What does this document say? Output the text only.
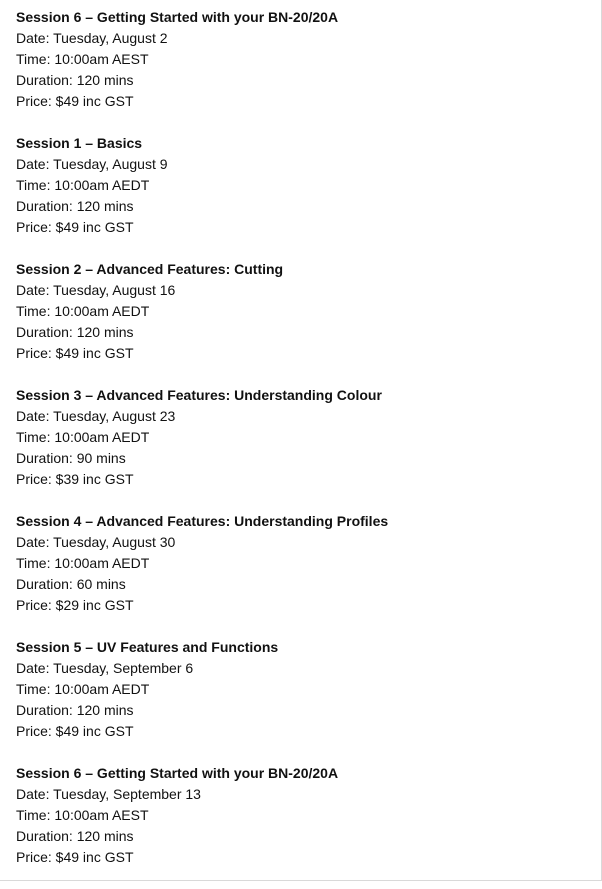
Session 6 – Getting Started with your BN-20/20A
Date: Tuesday, August 2
Time: 10:00am AEST
Duration: 120 mins
Price: $49 inc GST
Session 1 – Basics
Date: Tuesday, August 9
Time: 10:00am AEDT
Duration: 120 mins
Price: $49 inc GST
Session 2 – Advanced Features: Cutting
Date: Tuesday, August 16
Time: 10:00am AEDT
Duration: 120 mins
Price: $49 inc GST
Session 3 – Advanced Features: Understanding Colour
Date: Tuesday, August 23
Time: 10:00am AEDT
Duration: 90 mins
Price: $39 inc GST
Session 4 – Advanced Features: Understanding Profiles
Date: Tuesday, August 30
Time: 10:00am AEDT
Duration: 60 mins
Price: $29 inc GST
Session 5 – UV Features and Functions
Date: Tuesday, September 6
Time: 10:00am AEDT
Duration: 120 mins
Price: $49 inc GST
Session 6 – Getting Started with your BN-20/20A
Date: Tuesday, September 13
Time: 10:00am AEST
Duration: 120 mins
Price: $49 inc GST
